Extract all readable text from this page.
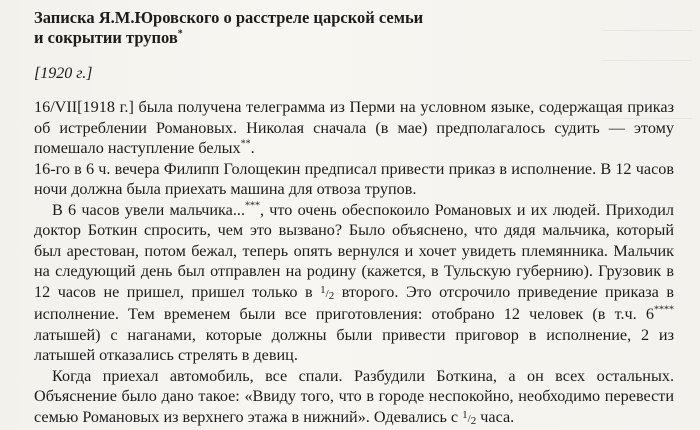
Записка Я.М.Юровского о расстреле царской семьи
и сокрытии трупов*
[1920 г.]

16/VII[1918 г.] была получена телеграмма из Перми на условном языке, содержащая приказ об истреблении Романовых. Николая сначала (в мае) предполагалось судить — этому помешало наступление белых**.

16-го в 6 ч. вечера Филипп Голощекин предписал привести приказ в исполнение. В 12 часов ночи должна была приехать машина для отвоза трупов.

В 6 часов увели мальчика...***, что очень обеспокоило Романовых и их людей. Приходил доктор Боткин спросить, чем это вызвано? Было объяснено, что дядя мальчика, который был арестован, потом бежал, теперь опять вернулся и хочет увидеть племянника. Мальчик на следующий день был отправлен на родину (кажется, в Тульскую губернию). Грузовик в 12 часов не пришел, пришел только в 1/2 второго. Это отсрочило приведение приказа в исполнение. Тем временем были все приготовления: отобрано 12 человек (в т.ч. 6**** латышей) с наганами, которые должны были привести приговор в исполнение, 2 из латышей отказались стрелять в девиц.

Когда приехал автомобиль, все спали. Разбудили Боткина, а он всех остальных. Объяснение было дано такое: «Ввиду того, что в городе неспокойно, необходимо перевести семью Романовых из верхнего этажа в нижний». Одевались с 1/2 часа.
